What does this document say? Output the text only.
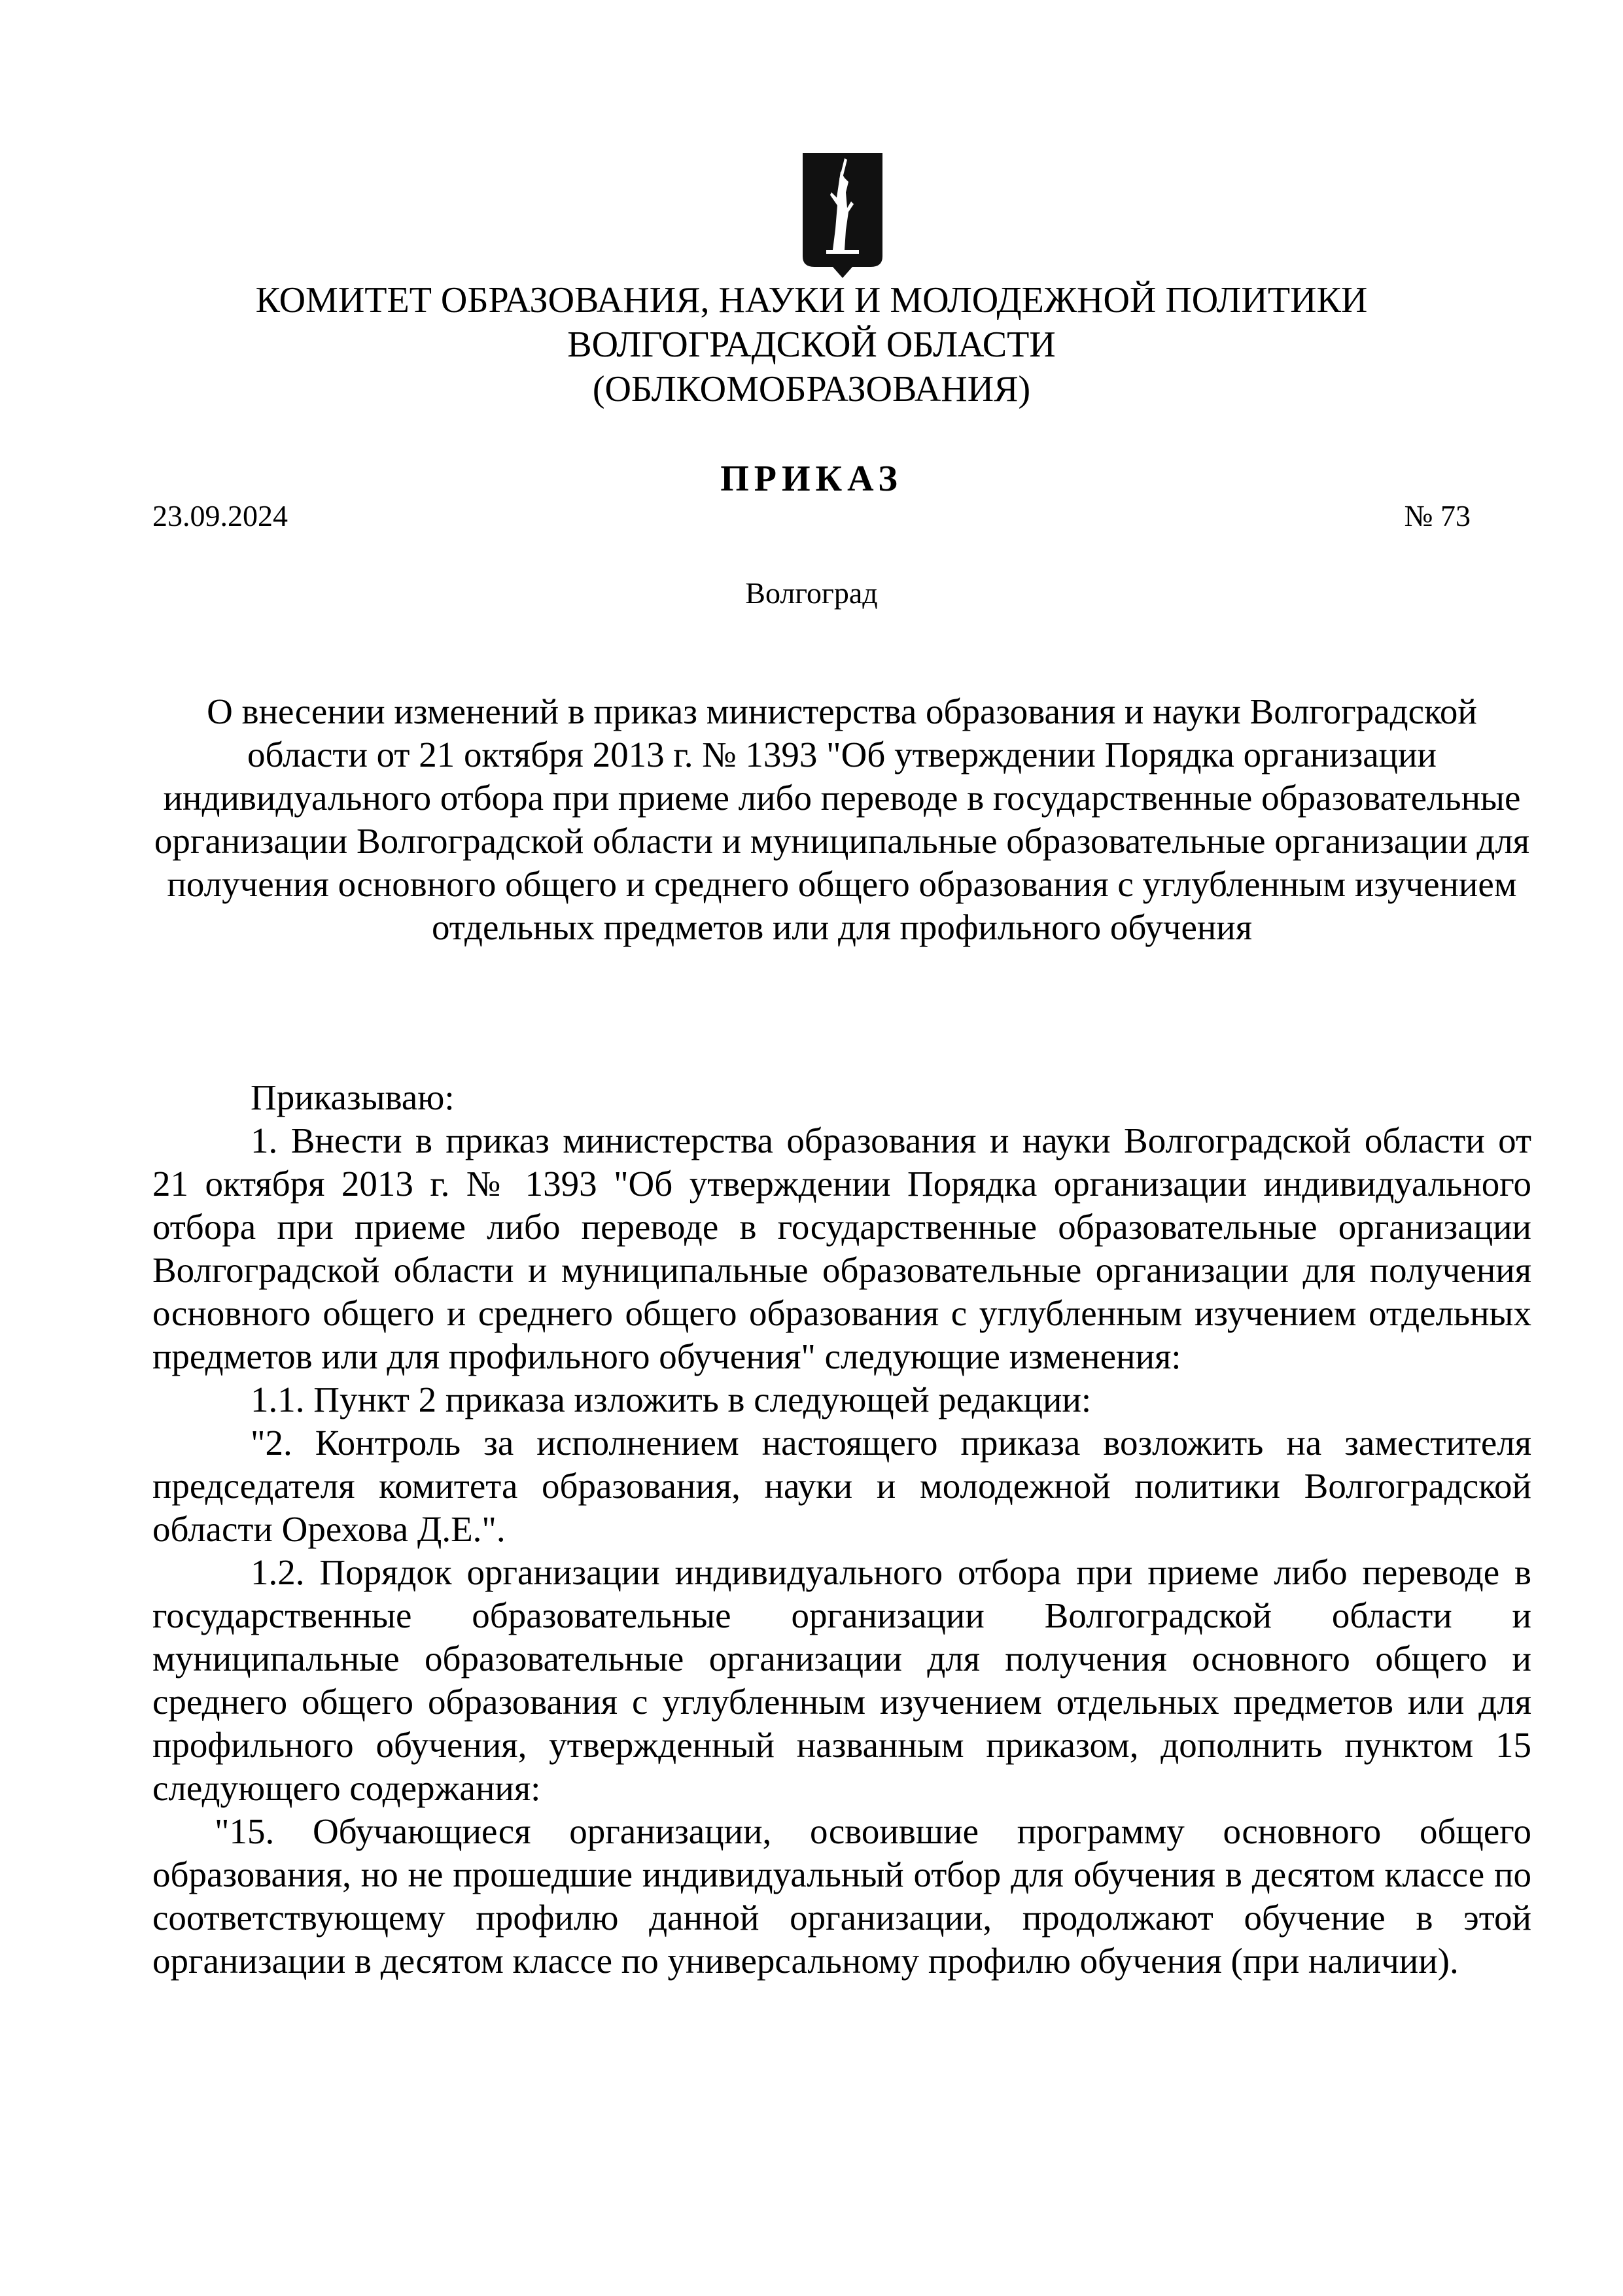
КОМИТЕТ ОБРАЗОВАНИЯ, НАУКИ И МОЛОДЕЖНОЙ ПОЛИТИКИ
ВОЛГОГРАДСКОЙ ОБЛАСТИ
(ОБЛКОМОБРАЗОВАНИЯ)
ПРИКАЗ
23.09.2024	№ 73
Волгоград
О внесении изменений в приказ министерства образования и науки Волгоградской области от 21 октября 2013 г. № 1393 "Об утверждении Порядка организации индивидуального отбора при приеме либо переводе в государственные образовательные организации Волгоградской области и муниципальные образовательные организации для получения основного общего и среднего общего образования с углубленным изучением отдельных предметов или для профильного обучения

Приказываю:

1. Внести в приказ министерства образования и науки Волгоградской области от 21 октября 2013 г. № 1393 "Об утверждении Порядка организации индивидуального отбора при приеме либо переводе в государственные образовательные организации Волгоградской области и муниципальные образовательные организации для получения основного общего и среднего общего образования с углубленным изучением отдельных предметов или для профильного обучения" следующие изменения:

1.1. Пункт 2 приказа изложить в следующей редакции:

"2. Контроль за исполнением настоящего приказа возложить на заместителя председателя комитета образования, науки и молодежной политики Волгоградской области Орехова Д.Е.".

1.2. Порядок организации индивидуального отбора при приеме либо переводе в государственные образовательные организации Волгоградской области и муниципальные образовательные организации для получения основного общего и среднего общего образования с углубленным изучением отдельных предметов или для профильного обучения, утвержденный названным приказом, дополнить пунктом 15 следующего содержания:

"15. Обучающиеся организации, освоившие программу основного общего образования, но не прошедшие индивидуальный отбор для обучения в десятом классе по соответствующему профилю данной организации, продолжают обучение в этой организации в десятом классе по универсальному профилю обучения (при наличии).
